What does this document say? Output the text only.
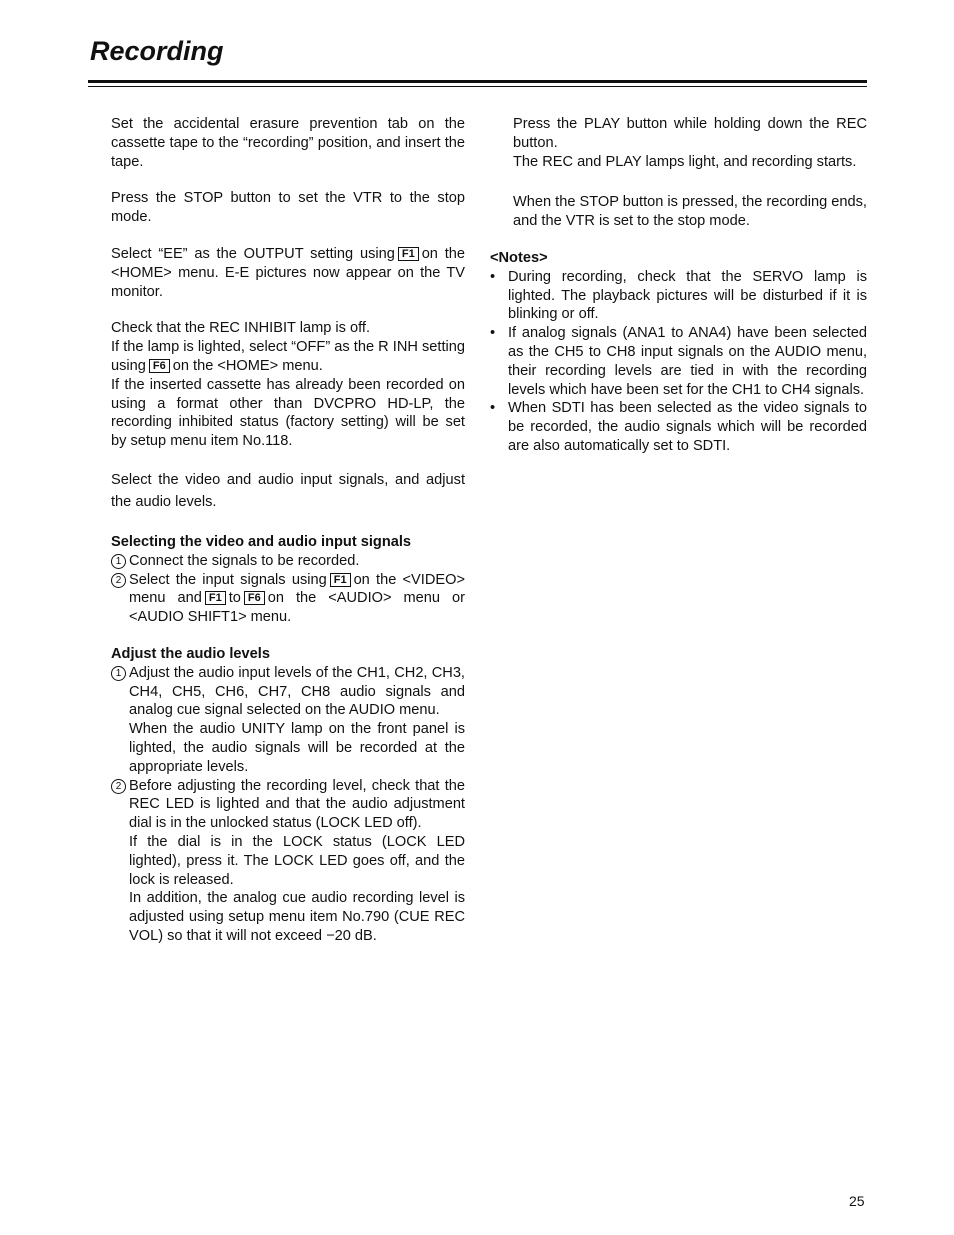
Recording

Set the accidental erasure prevention tab on the cassette tape to the “recording” position, and insert the tape.

Press the STOP button to set the VTR to the stop mode.

Select “EE” as the OUTPUT setting using F1 on the <HOME> menu. E-E pictures now appear on the TV monitor.

Check that the REC INHIBIT lamp is off.

If the lamp is lighted, select “OFF” as the R INH setting using F6 on the <HOME> menu.

If the inserted cassette has already been recorded on using a format other than DVCPRO HD-LP, the recording inhibited status (factory setting) will be set by setup menu item No.118.

Select the video and audio input signals, and adjust the audio levels.

Selecting the video and audio input signals

1 Connect the signals to be recorded.

2 Select the input signals using F1 on the <VIDEO> menu and F1 to F6 on the <AUDIO> menu or <AUDIO SHIFT1> menu.

Adjust the audio levels

1 Adjust the audio input levels of the CH1, CH2, CH3, CH4, CH5, CH6, CH7, CH8 audio signals and analog cue signal selected on the AUDIO menu.

When the audio UNITY lamp on the front panel is lighted, the audio signals will be recorded at the appropriate levels.

2 Before adjusting the recording level, check that the REC LED is lighted and that the audio adjustment dial is in the unlocked status (LOCK LED off).

If the dial is in the LOCK status (LOCK LED lighted), press it. The LOCK LED goes off, and the lock is released.

In addition, the analog cue audio recording level is adjusted using setup menu item No.790 (CUE REC VOL) so that it will not exceed −20 dB.

Press the PLAY button while holding down the REC button.

The REC and PLAY lamps light, and recording starts.

When the STOP button is pressed, the recording ends, and the VTR is set to the stop mode.

<Notes>

• During recording, check that the SERVO lamp is lighted. The playback pictures will be disturbed if it is blinking or off.

• If analog signals (ANA1 to ANA4) have been selected as the CH5 to CH8 input signals on the AUDIO menu, their recording levels are tied in with the recording levels which have been set for the CH1 to CH4 signals.

• When SDTI has been selected as the video signals to be recorded, the audio signals which will be recorded are also automatically set to SDTI.

25
